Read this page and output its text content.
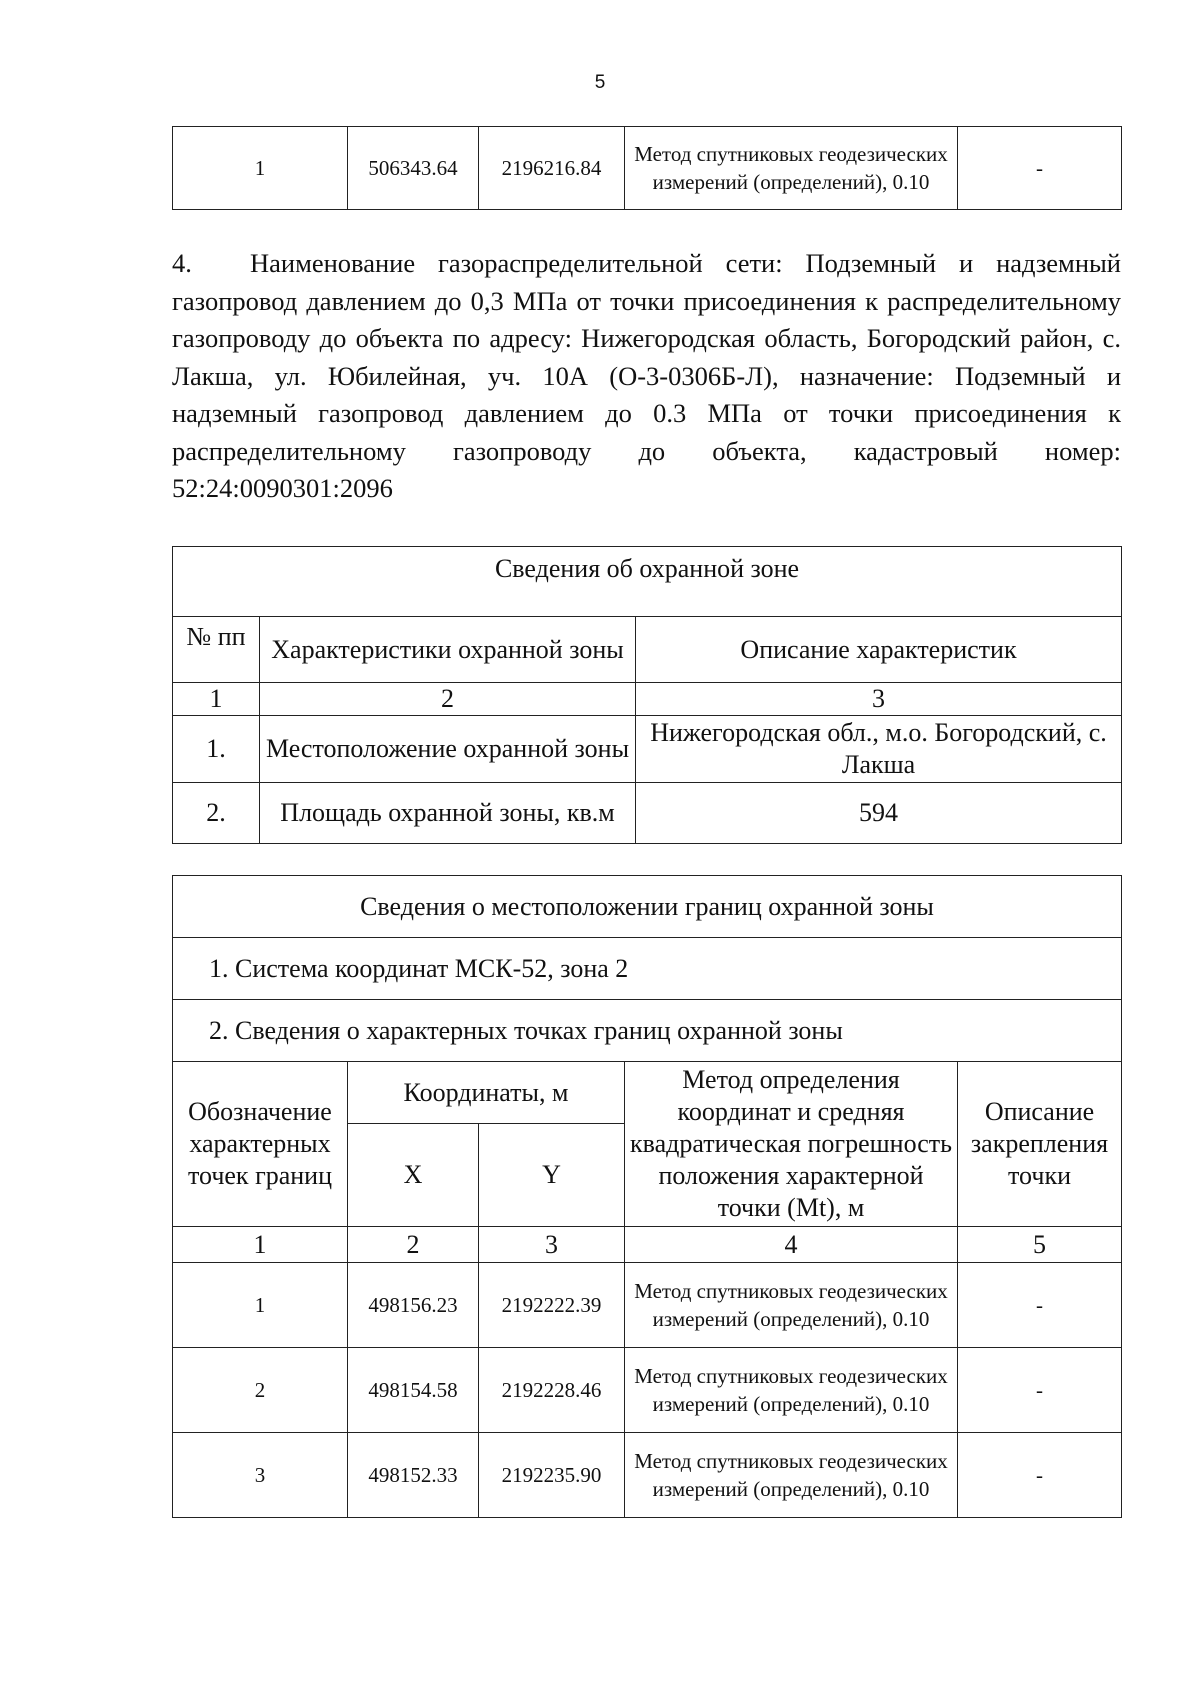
5
1	506343.64	2196216.84	Метод спутниковых геодезических измерений (определений), 0.10	-
4. Наименование газораспределительной сети: Подземный и надземный газопровод давлением до 0,3 МПа от точки присоединения к распределительному газопроводу до объекта по адресу: Нижегородская область, Богородский район, с. Лакша, ул. Юбилейная, уч. 10А (О-3-0306Б-Л), назначение: Подземный и надземный газопровод давлением до 0.3 МПа от точки присоединения к распределительному газопроводу до объекта, кадастровый номер: 52:24:0090301:2096
Сведения об охранной зоне		
№ пп	Характеристики охранной зоны	Описание характеристик
1	2	3
1.	Местоположение охранной зоны	Нижегородская обл., м.о. Богородский, с. Лакша
2.	Площадь охранной зоны, кв.м	594
Сведения о местоположении границ охранной зоны				
1. Система координат МСК-52, зона 2				
2. Сведения о характерных точках границ охранной зоны				
Обозначение характерных точек границ	Координаты, м		Метод определения координат и средняя квадратическая погрешность положения характерной точки (Mt), м	Описание закрепления точки
	X	Y		
1	2	3	4	5
1	498156.23	2192222.39	Метод спутниковых геодезических измерений (определений), 0.10	-
2	498154.58	2192228.46	Метод спутниковых геодезических измерений (определений), 0.10	-
3	498152.33	2192235.90	Метод спутниковых геодезических измерений (определений), 0.10	-
